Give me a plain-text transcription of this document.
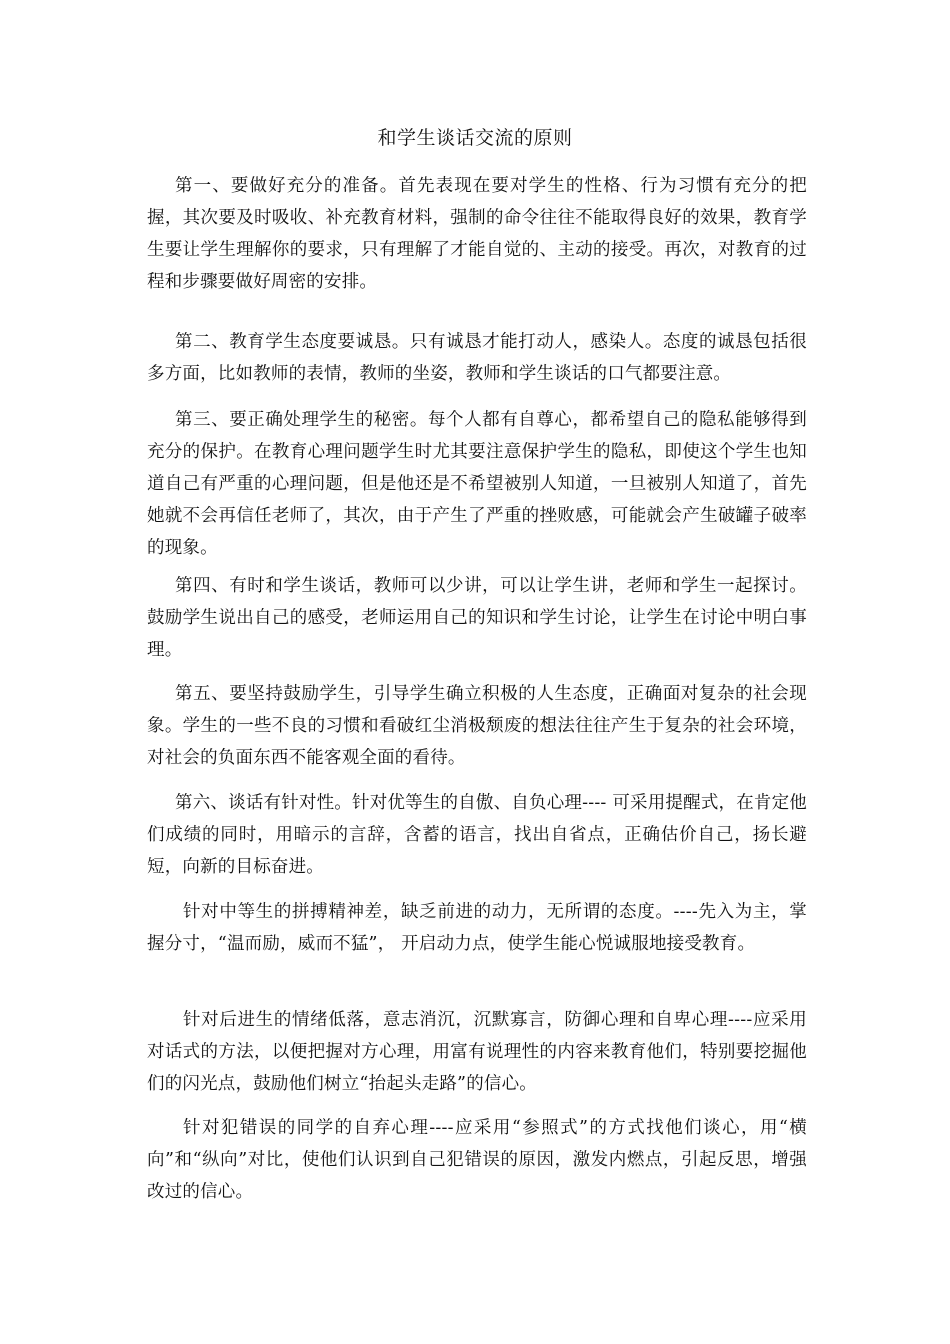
和学生谈话交流的原则

第一、要做好充分的准备。首先表现在要对学生的性格、行为习惯有充分的把握，其次要及时吸收、补充教育材料，强制的命令往往不能取得良好的效果，教育学生要让学生理解你的要求，只有理解了才能自觉的、主动的接受。再次，对教育的过程和步骤要做好周密的安排。

第二、教育学生态度要诚恳。只有诚恳才能打动人，感染人。态度的诚恳包括很多方面，比如教师的表情，教师的坐姿，教师和学生谈话的口气都要注意。

第三、要正确处理学生的秘密。每个人都有自尊心，都希望自己的隐私能够得到充分的保护。在教育心理问题学生时尤其要注意保护学生的隐私，即使这个学生也知道自己有严重的心理问题，但是他还是不希望被别人知道，一旦被别人知道了，首先她就不会再信任老师了，其次，由于产生了严重的挫败感，可能就会产生破罐子破率的现象。

第四、有时和学生谈话，教师可以少讲，可以让学生讲，老师和学生一起探讨。鼓励学生说出自己的感受，老师运用自己的知识和学生讨论，让学生在讨论中明白事理。

第五、要坚持鼓励学生，引导学生确立积极的人生态度，正确面对复杂的社会现象。学生的一些不良的习惯和看破红尘消极颓废的想法往往产生于复杂的社会环境，对社会的负面东西不能客观全面的看待。

第六、谈话有针对性。针对优等生的自傲、自负心理---- 可采用提醒式，在肯定他们成绩的同时，用暗示的言辞，含蓄的语言，找出自省点，正确估价自己，扬长避短，向新的目标奋进。

针对中等生的拼搏精神差，缺乏前进的动力，无所谓的态度。----先入为主，掌握分寸，“温而励，威而不猛”， 开启动力点，使学生能心悦诚服地接受教育。

针对后进生的情绪低落，意志消沉，沉默寡言，防御心理和自卑心理----应采用对话式的方法，以便把握对方心理，用富有说理性的内容来教育他们，特别要挖掘他们的闪光点，鼓励他们树立“抬起头走路”的信心。

针对犯错误的同学的自弃心理----应采用“参照式”的方式找他们谈心，用“横向”和“纵向”对比，使他们认识到自己犯错误的原因，激发内燃点，引起反思，增强改过的信心。
